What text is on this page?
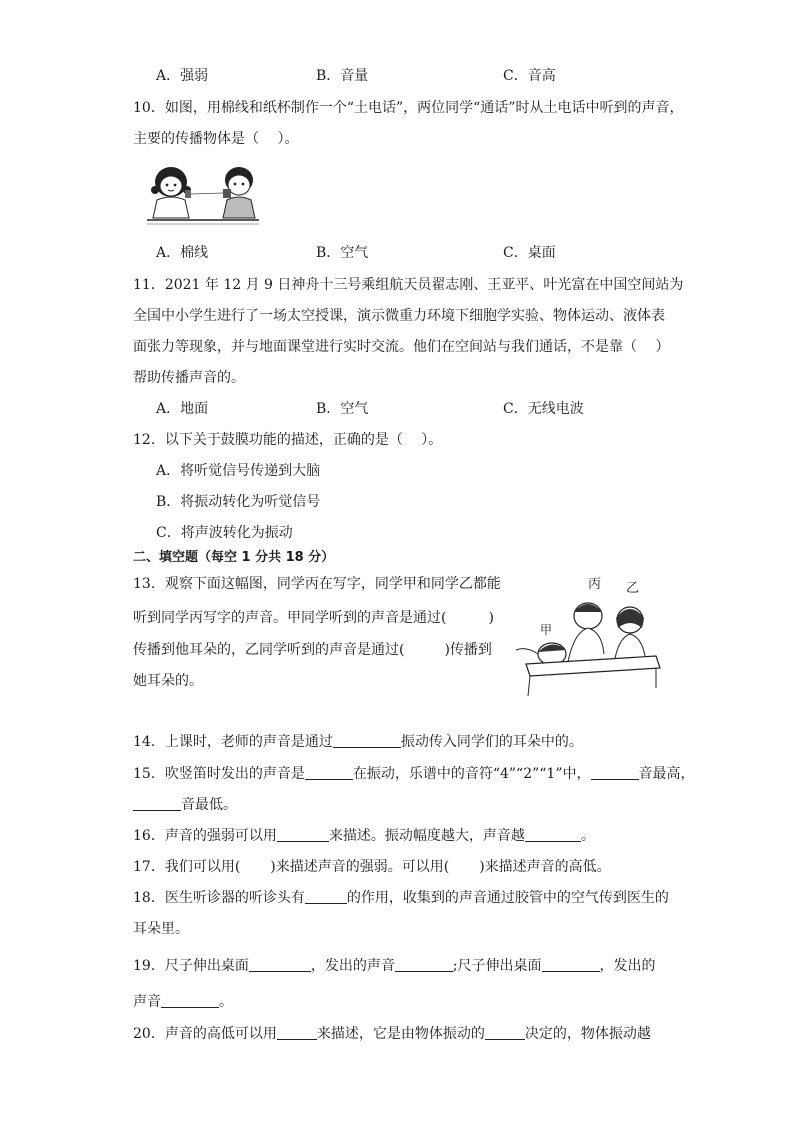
A．强弱	B．音量	C．音高
10．如图，用棉线和纸杯制作一个“土电话”，两位同学“通话”时从土电话中听到的声音，
主要的传播物体是（　 ）。
A．棉线	B．空气	C．桌面
11．2021 年 12 月 9 日神舟十三号乘组航天员翟志刚、王亚平、叶光富在中国空间站为
全国中小学生进行了一场太空授课，演示微重力环境下细胞学实验、物体运动、液体表
面张力等现象，并与地面课堂进行实时交流。他们在空间站与我们通话，不是靠（　 ）
帮助传播声音的。
A．地面	B．空气	C．无线电波
12．以下关于鼓膜功能的描述，正确的是（　 ）。
A．将听觉信号传递到大脑
B．将振动转化为听觉信号
C．将声波转化为振动
二、填空题（每空 1 分共 18 分）
13．观察下面这幅图，同学丙在写字，同学甲和同学乙都能
听到同学丙写字的声音。甲同学听到的声音是通过(	)
传播到他耳朵的，乙同学听到的声音是通过(	)传播到
她耳朵的。
丙 乙
甲
14．上课时，老师的声音是通过	振动传入同学们的耳朵中的。
15．吹竖笛时发出的声音是	在振动，乐谱中的音符“4”“2”“1”中，	音最高，
音最低。
16．声音的强弱可以用	来描述。振动幅度越大，声音越	。
17．我们可以用( )来描述声音的强弱。可以用( )来描述声音的高低。
18．医生听诊器的听诊头有	的作用，收集到的声音通过胶管中的空气传到医生的
耳朵里。
19．尺子伸出桌面	，发出的声音	;尺子伸出桌面	，发出的
声音	。
20．声音的高低可以用	来描述，它是由物体振动的	决定的，物体振动越
